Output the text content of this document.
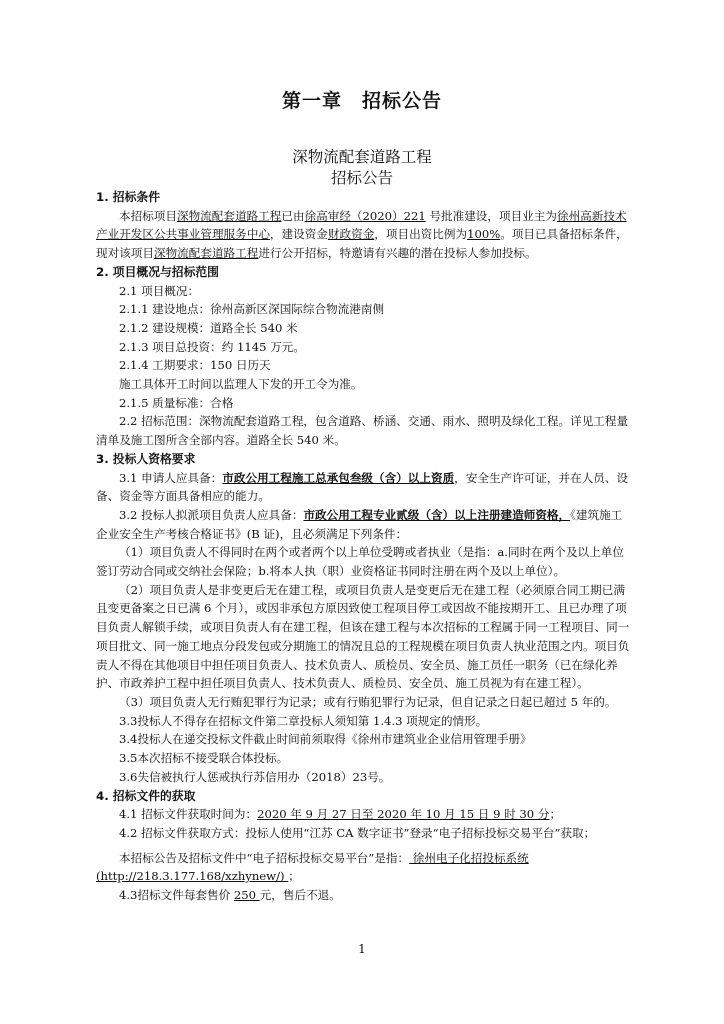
第一章　招标公告
深物流配套道路工程
招标公告

1. 招标条件

本招标项目深物流配套道路工程已由徐高审经（2020）221 号批准建设，项目业主为徐州高新技术产业开发区公共事业管理服务中心，建设资金财政资金，项目出资比例为100%。项目已具备招标条件，现对该项目深物流配套道路工程进行公开招标，特邀请有兴趣的潜在投标人参加投标。

2. 项目概况与招标范围

2.1 项目概况：

2.1.1 建设地点：徐州高新区深国际综合物流港南侧

2.1.2 建设规模：道路全长 540 米

2.1.3 项目总投资：约 1145 万元。

2.1.4 工期要求：150 日历天

施工具体开工时间以监理人下发的开工令为准。

2.1.5 质量标准：合格

2.2 招标范围：深物流配套道路工程，包含道路、桥涵、交通、雨水、照明及绿化工程。详见工程量清单及施工图所含全部内容。道路全长 540 米。

3. 投标人资格要求

3.1 申请人应具备：市政公用工程施工总承包叁级（含）以上资质，安全生产许可证，并在人员、设备、资金等方面具备相应的能力。

3.2 投标人拟派项目负责人应具备：市政公用工程专业贰级（含）以上注册建造师资格，《建筑施工企业安全生产考核合格证书》(B 证)，且必须满足下列条件：

（1）项目负责人不得同时在两个或者两个以上单位受聘或者执业（是指：a.同时在两个及以上单位签订劳动合同或交纳社会保险；b.将本人执（职）业资格证书同时注册在两个及以上单位）。

（2）项目负责人是非变更后无在建工程，或项目负责人是变更后无在建工程（必须原合同工期已满且变更备案之日已满 6 个月），或因非承包方原因致使工程项目停工或因故不能按期开工、且已办理了项目负责人解锁手续，或项目负责人有在建工程，但该在建工程与本次招标的工程属于同一工程项目、同一项目批文、同一施工地点分段发包或分期施工的情况且总的工程规模在项目负责人执业范围之内。项目负责人不得在其他项目中担任项目负责人、技术负责人、质检员、安全员、施工员任一职务（已在绿化养护、市政养护工程中担任项目负责人、技术负责人、质检员、安全员、施工员视为有在建工程）。

（3）项目负责人无行贿犯罪行为记录；或有行贿犯罪行为记录，但自记录之日起已超过 5 年的。

3.3投标人不得存在招标文件第二章投标人须知第 1.4.3 项规定的情形。

3.4投标人在递交投标文件截止时间前须取得《徐州市建筑业企业信用管理手册》

3.5本次招标不接受联合体投标。

3.6失信被执行人惩戒执行苏信用办（2018）23号。

4. 招标文件的获取

4.1 招标文件获取时间为：2020 年 9 月 27 日至 2020 年 10 月 15 日 9 时 30 分；

4.2 招标文件获取方式：投标人使用“江苏 CA 数字证书”登录“电子招标投标交易平台”获取；

本招标公告及招标文件中“电子招标投标交易平台”是指： 徐州电子化招投标系统 (http://218.3.177.168/xzhynew/) ；

4.3招标文件每套售价 250 元，售后不退。

1
